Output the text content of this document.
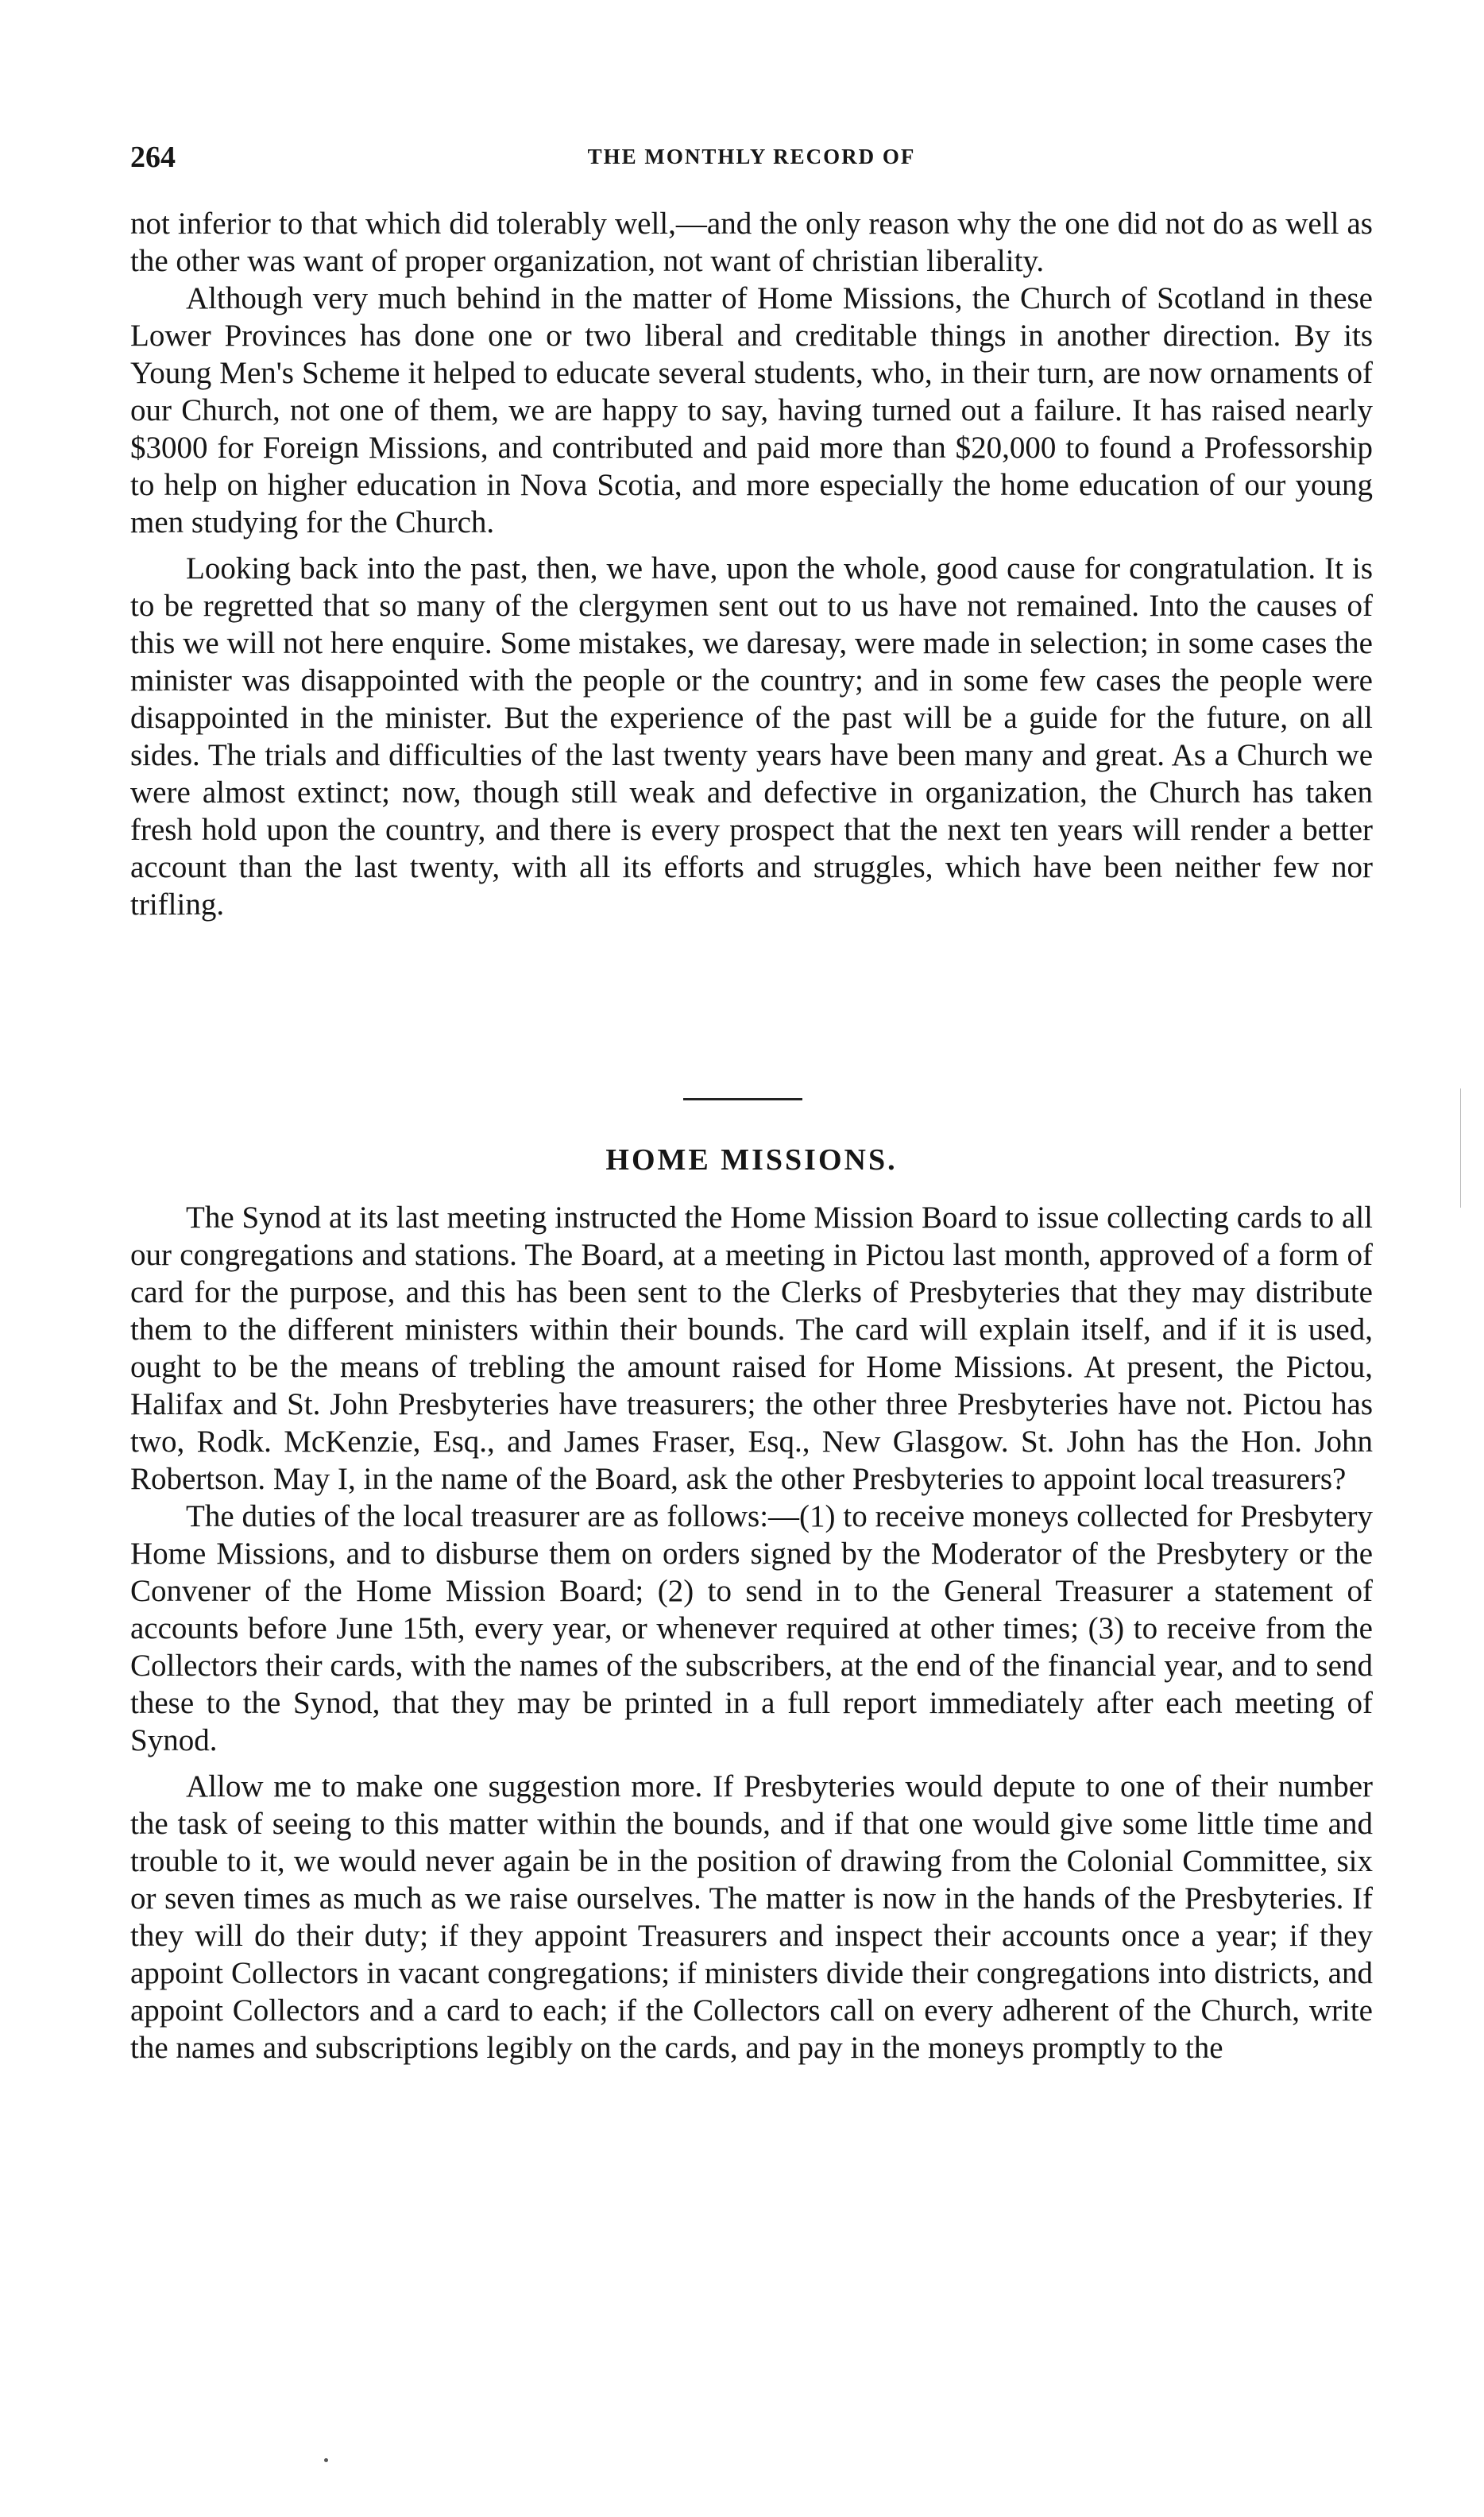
264	THE MONTHLY RECORD OF

not inferior to that which did tolerably well,—and the only reason why the one did not do as well as the other was want of proper organization, not want of christian liberality.

Although very much behind in the matter of Home Missions, the Church of Scotland in these Lower Provinces has done one or two liberal and creditable things in another direction. By its Young Men's Scheme it helped to educate several students, who, in their turn, are now ornaments of our Church, not one of them, we are happy to say, having turned out a failure. It has raised nearly $3000 for Foreign Missions, and contributed and paid more than $20,000 to found a Professorship to help on higher education in Nova Scotia, and more especially the home education of our young men studying for the Church.

Looking back into the past, then, we have, upon the whole, good cause for congratulation. It is to be regretted that so many of the clergymen sent out to us have not remained. Into the causes of this we will not here enquire. Some mistakes, we daresay, were made in selection; in some cases the minister was disappointed with the people or the country; and in some few cases the people were disappointed in the minister. But the experience of the past will be a guide for the future, on all sides. The trials and difficulties of the last twenty years have been many and great. As a Church we were almost extinct; now, though still weak and defective in organization, the Church has taken fresh hold upon the country, and there is every prospect that the next ten years will render a better account than the last twenty, with all its efforts and struggles, which have been neither few nor trifling.

HOME MISSIONS.

The Synod at its last meeting instructed the Home Mission Board to issue collecting cards to all our congregations and stations. The Board, at a meeting in Pictou last month, approved of a form of card for the purpose, and this has been sent to the Clerks of Presbyteries that they may distribute them to the different ministers within their bounds. The card will explain itself, and if it is used, ought to be the means of trebling the amount raised for Home Missions. At present, the Pictou, Halifax and St. John Presbyteries have treasurers; the other three Presbyteries have not. Pictou has two, Rodk. McKenzie, Esq., and James Fraser, Esq., New Glasgow. St. John has the Hon. John Robertson. May I, in the name of the Board, ask the other Presbyteries to appoint local treasurers?

The duties of the local treasurer are as follows:—(1) to receive moneys collected for Presbytery Home Missions, and to disburse them on orders signed by the Moderator of the Presbytery or the Convener of the Home Mission Board; (2) to send in to the General Treasurer a statement of accounts before June 15th, every year, or whenever required at other times; (3) to receive from the Collectors their cards, with the names of the subscribers, at the end of the financial year, and to send these to the Synod, that they may be printed in a full report immediately after each meeting of Synod.

Allow me to make one suggestion more. If Presbyteries would depute to one of their number the task of seeing to this matter within the bounds, and if that one would give some little time and trouble to it, we would never again be in the position of drawing from the Colonial Committee, six or seven times as much as we raise ourselves. The matter is now in the hands of the Presbyteries. If they will do their duty; if they appoint Treasurers and inspect their accounts once a year; if they appoint Collectors in vacant congregations; if ministers divide their congregations into districts, and appoint Collectors and a card to each; if the Collectors call on every adherent of the Church, write the names and subscriptions legibly on the cards, and pay in the moneys promptly to the
